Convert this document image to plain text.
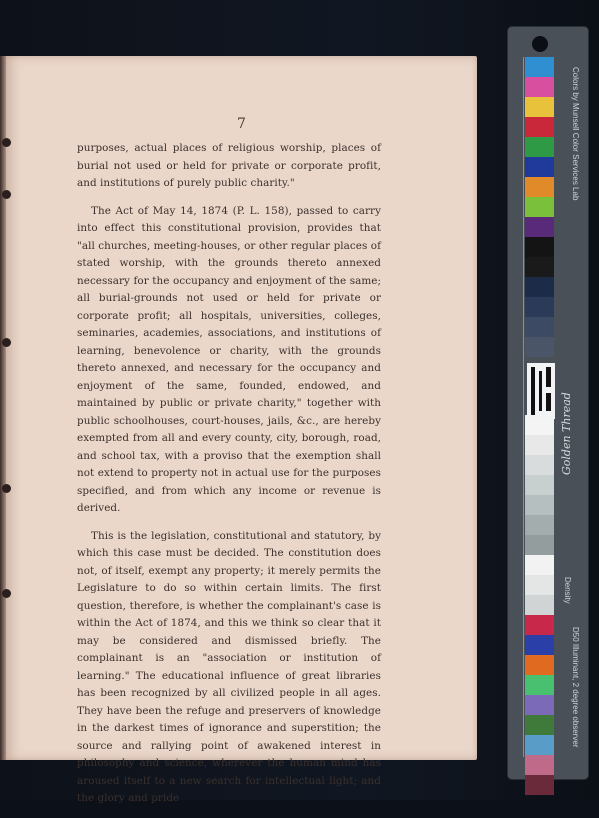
7

purposes, actual places of religious worship, places of burial not used or held for private or corporate profit, and institutions of purely public charity."

The Act of May 14, 1874 (P. L. 158), passed to carry into effect this constitutional provision, provides that "all churches, meeting-houses, or other regular places of stated worship, with the grounds thereto annexed necessary for the occupancy and enjoyment of the same; all burial-grounds not used or held for private or corporate profit; all hospitals, universities, colleges, seminaries, academies, associations, and institutions of learning, benevolence or charity, with the grounds thereto annexed, and necessary for the occupancy and enjoyment of the same, founded, endowed, and maintained by public or private charity," together with public schoolhouses, court-houses, jails, &c., are hereby exempted from all and every county, city, borough, road, and school tax, with a proviso that the exemption shall not extend to property not in actual use for the purposes specified, and from which any income or revenue is derived.

This is the legislation, constitutional and statutory, by which this case must be decided. The constitution does not, of itself, exempt any property; it merely permits the Legislature to do so within certain limits. The first question, therefore, is whether the complainant's case is within the Act of 1874, and this we think so clear that it may be considered and dismissed briefly. The complainant is an "association or institution of learning." The educational influence of great libraries has been recognized by all civilized people in all ages. They have been the refuge and preservers of knowledge in the darkest times of ignorance and superstition; the source and rallying point of awakened interest in philosophy and science, wherever the human mind has aroused itself to a new search for intellectual light; and the glory and pride

Golden Thread
Colors by Munsell Color Services Lab
D50 Illuminant, 2 degree observer
Density
